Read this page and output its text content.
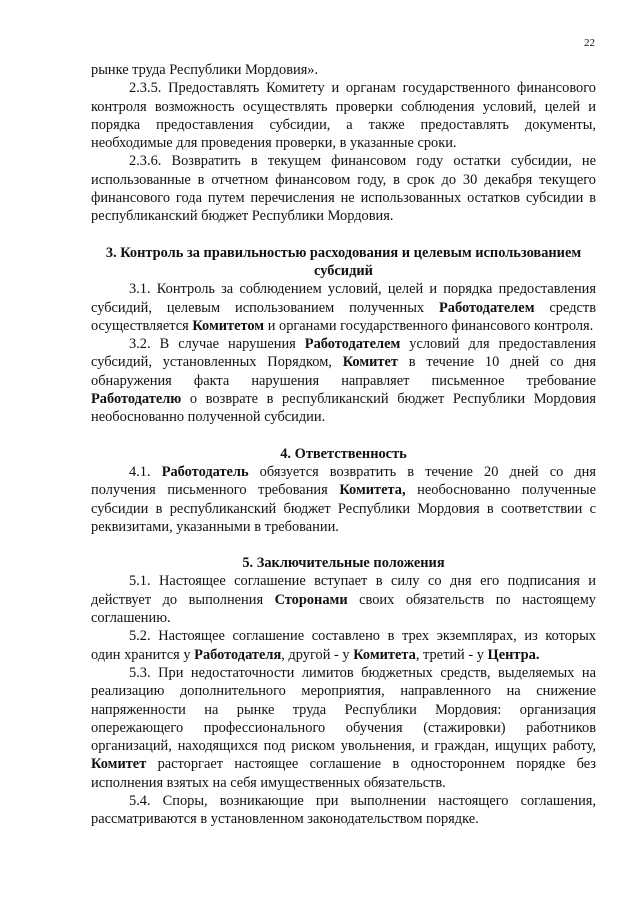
22

рынке труда Республики Мордовия».

2.3.5. Предоставлять Комитету и органам государственного финансового контроля возможность осуществлять проверки соблюдения условий, целей и порядка предоставления субсидии, а также предоставлять документы, необходимые для проведения проверки, в указанные сроки.

2.3.6. Возвратить в текущем финансовом году остатки субсидии, не использованные в отчетном финансовом году, в срок до 30 декабря текущего финансового года путем перечисления не использованных остатков субсидии в республиканский бюджет Республики Мордовия.

3. Контроль за правильностью расходования и целевым использованием субсидий

3.1. Контроль за соблюдением условий, целей и порядка предоставления субсидий, целевым использованием полученных Работодателем средств осуществляется Комитетом и органами государственного финансового контроля.

3.2. В случае нарушения Работодателем условий для предоставления субсидий, установленных Порядком, Комитет в течение 10 дней со дня обнаружения факта нарушения направляет письменное требование Работодателю о возврате в республиканский бюджет Республики Мордовия необоснованно полученной субсидии.

4. Ответственность

4.1. Работодатель обязуется возвратить в течение 20 дней со дня получения письменного требования Комитета, необоснованно полученные субсидии в республиканский бюджет Республики Мордовия в соответствии с реквизитами, указанными в требовании.

5. Заключительные положения

5.1. Настоящее соглашение вступает в силу со дня его подписания и действует до выполнения Сторонами своих обязательств по настоящему соглашению.

5.2. Настоящее соглашение составлено в трех экземплярах, из которых один хранится у Работодателя, другой - у Комитета, третий - у Центра.

5.3. При недостаточности лимитов бюджетных средств, выделяемых на реализацию дополнительного мероприятия, направленного на снижение напряженности на рынке труда Республики Мордовия: организация опережающего профессионального обучения (стажировки) работников организаций, находящихся под риском увольнения, и граждан, ищущих работу, Комитет расторгает настоящее соглашение в одностороннем порядке без исполнения взятых на себя имущественных обязательств.

5.4. Споры, возникающие при выполнении настоящего соглашения, рассматриваются в установленном законодательством порядке.
